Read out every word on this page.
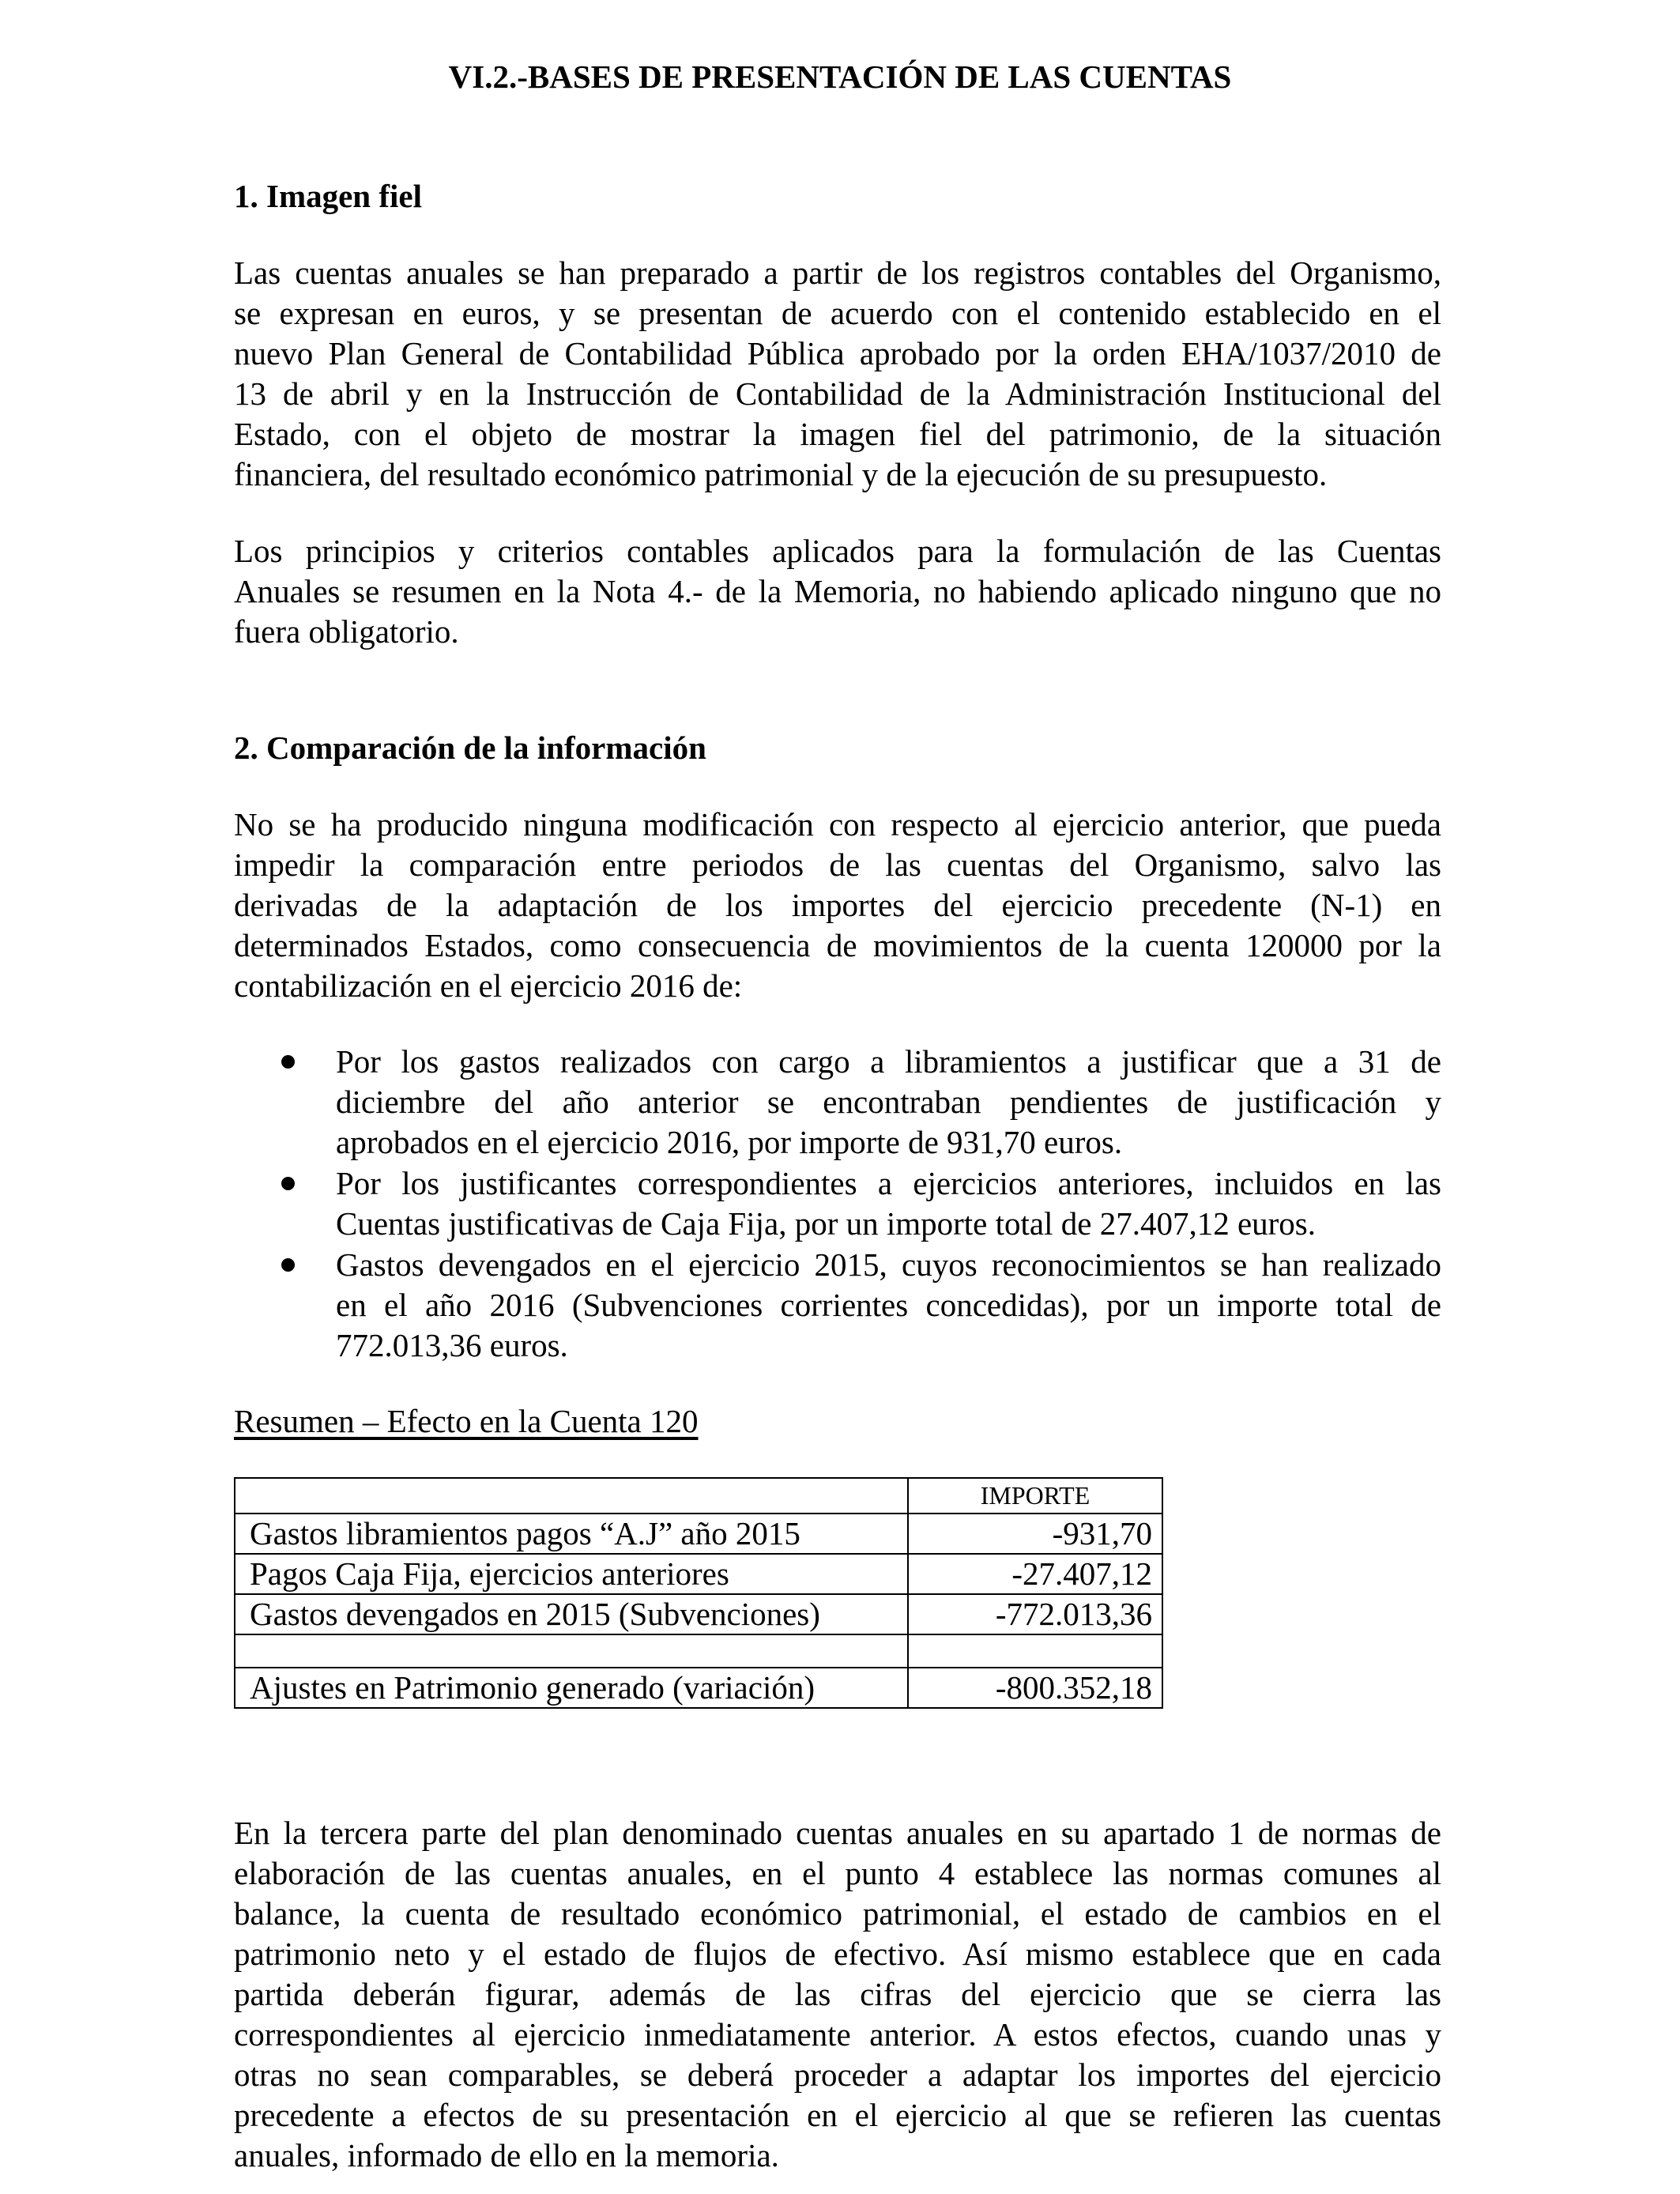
VI.2.-BASES DE PRESENTACIÓN DE LAS CUENTAS
1. Imagen fiel
Las cuentas anuales se han preparado a partir de los registros contables del Organismo,
se expresan en euros, y se presentan de acuerdo con el contenido establecido en el
nuevo Plan General de Contabilidad Pública aprobado por la orden EHA/1037/2010 de
13 de abril y en la Instrucción de Contabilidad de la Administración Institucional del
Estado, con el objeto de mostrar la imagen fiel del patrimonio, de la situación
financiera, del resultado económico patrimonial y de la ejecución de su presupuesto.
Los principios y criterios contables aplicados para la formulación de las Cuentas
Anuales se resumen en la Nota 4.- de la Memoria, no habiendo aplicado ninguno que no
fuera obligatorio.
2. Comparación de la información
No se ha producido ninguna modificación con respecto al ejercicio anterior, que pueda
impedir la comparación entre periodos de las cuentas del Organismo, salvo las
derivadas de la adaptación de los importes del ejercicio precedente (N-1) en
determinados Estados, como consecuencia de movimientos de la cuenta 120000 por la
contabilización en el ejercicio 2016 de:
Por los gastos realizados con cargo a libramientos a justificar que a 31 de
diciembre del año anterior se encontraban pendientes de justificación y
aprobados en el ejercicio 2016, por importe de 931,70 euros.
Por los justificantes correspondientes a ejercicios anteriores, incluidos en las
Cuentas justificativas de Caja Fija, por un importe total de 27.407,12 euros.
Gastos devengados en el ejercicio 2015, cuyos reconocimientos se han realizado
en el año 2016 (Subvenciones corrientes concedidas), por un importe total de
772.013,36 euros.
Resumen – Efecto en la Cuenta 120
	IMPORTE
Gastos libramientos pagos “A.J” año 2015	-931,70
Pagos Caja Fija, ejercicios anteriores	-27.407,12
Gastos devengados en 2015 (Subvenciones)	-772.013,36

Ajustes en Patrimonio generado (variación)	-800.352,18
En la tercera parte del plan denominado cuentas anuales en su apartado 1 de normas de
elaboración de las cuentas anuales, en el punto 4 establece las normas comunes al
balance, la cuenta de resultado económico patrimonial, el estado de cambios en el
patrimonio neto y el estado de flujos de efectivo. Así mismo establece que en cada
partida deberán figurar, además de las cifras del ejercicio que se cierra las
correspondientes al ejercicio inmediatamente anterior. A estos efectos, cuando unas y
otras no sean comparables, se deberá proceder a adaptar los importes del ejercicio
precedente a efectos de su presentación en el ejercicio al que se refieren las cuentas
anuales, informado de ello en la memoria.
